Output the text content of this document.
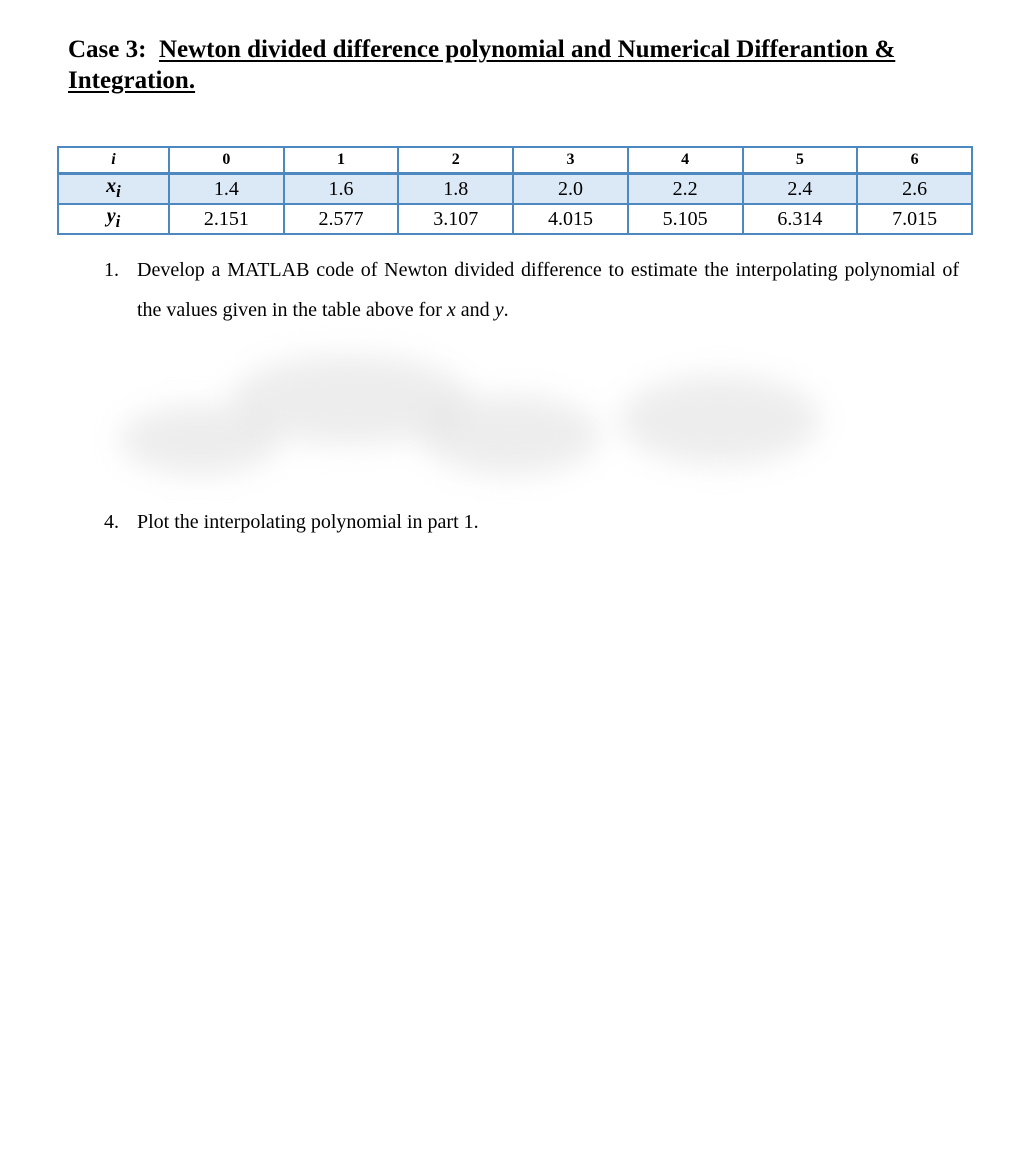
Case 3: Newton divided difference polynomial and Numerical Differantion & Integration.
i	0	1	2	3	4	5	6
$x_i$	1.4	1.6	1.8	2.0	2.2	2.4	2.6
$y_i$	2.151	2.577	3.107	4.015	5.105	6.314	7.015
1. Develop a MATLAB code of Newton divided difference to estimate the interpolating polynomial of the values given in the table above for x and y.
4. Plot the interpolating polynomial in part 1.
